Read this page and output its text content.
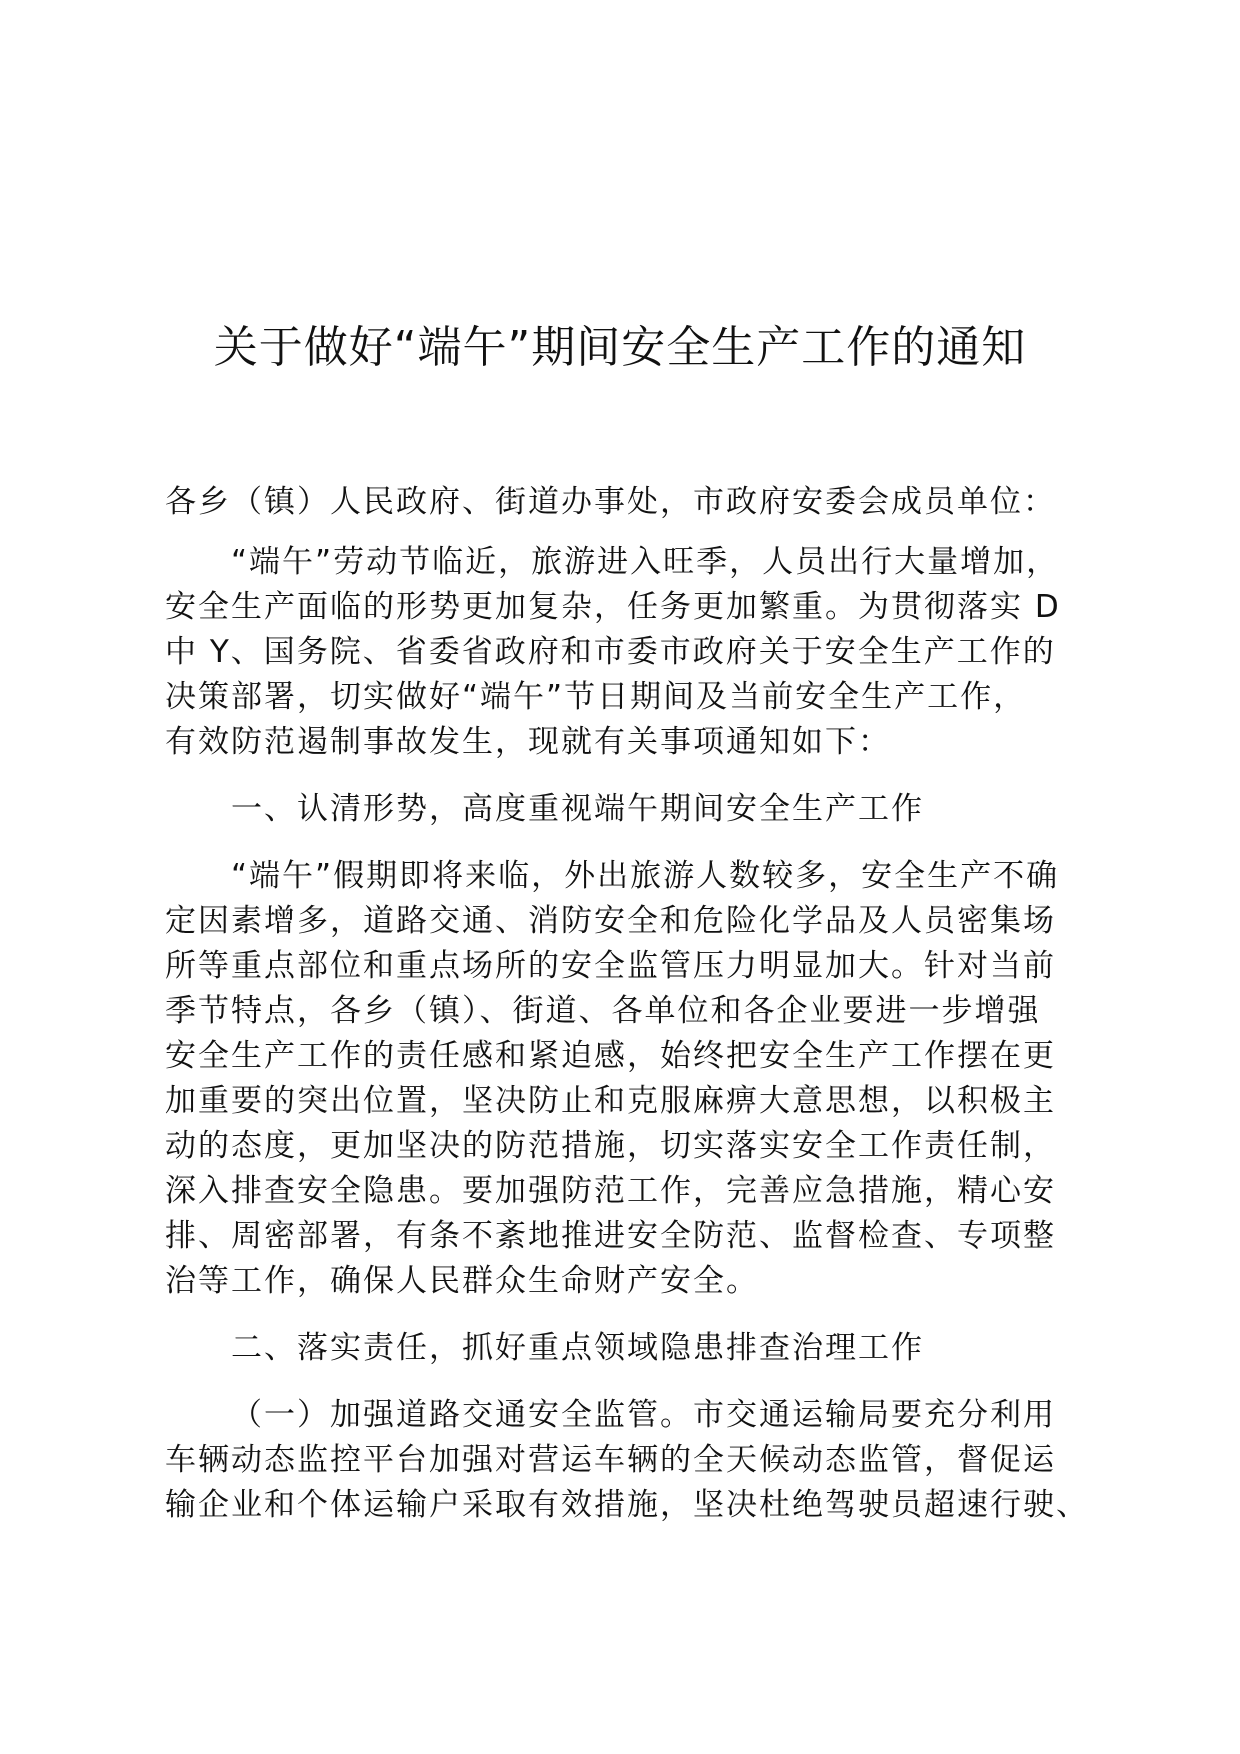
关于做好“端午”期间安全生产工作的通知

各乡（镇）人民政府、街道办事处，市政府安委会成员单位：

“端午”劳动节临近，旅游进入旺季，人员出行大量增加，
安全生产面临的形势更加复杂，任务更加繁重。为贯彻落实 D
中 Y、国务院、省委省政府和市委市政府关于安全生产工作的
决策部署，切实做好“端午”节日期间及当前安全生产工作，
有效防范遏制事故发生，现就有关事项通知如下：

一、认清形势，高度重视端午期间安全生产工作

“端午”假期即将来临，外出旅游人数较多，安全生产不确
定因素增多，道路交通、消防安全和危险化学品及人员密集场
所等重点部位和重点场所的安全监管压力明显加大。针对当前
季节特点，各乡（镇）、街道、各单位和各企业要进一步增强
安全生产工作的责任感和紧迫感，始终把安全生产工作摆在更
加重要的突出位置，坚决防止和克服麻痹大意思想，以积极主
动的态度，更加坚决的防范措施，切实落实安全工作责任制，
深入排查安全隐患。要加强防范工作，完善应急措施，精心安
排、周密部署，有条不紊地推进安全防范、监督检查、专项整
治等工作，确保人民群众生命财产安全。

二、落实责任，抓好重点领域隐患排查治理工作

（一）加强道路交通安全监管。市交通运输局要充分利用
车辆动态监控平台加强对营运车辆的全天候动态监管，督促运
输企业和个体运输户采取有效措施，坚决杜绝驾驶员超速行驶、
